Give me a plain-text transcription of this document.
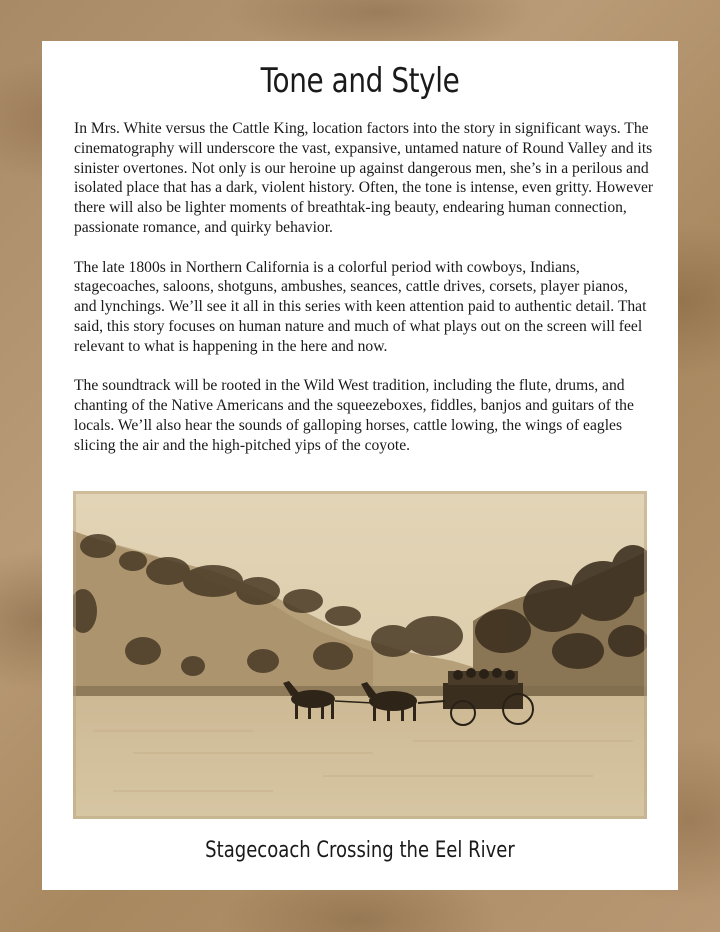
Tone and Style

In Mrs. White versus the Cattle King, location factors into the story in significant ways. The cinematography will underscore the vast, expansive, untamed nature of Round Valley and its sinister overtones. Not only is our heroine up against dangerous men, she’s in a perilous and isolated place that has a dark, violent history. Often, the tone is intense, even gritty. However there will also be lighter moments of breathtak-ing beauty, endearing human connection, passionate romance, and quirky behavior.

The late 1800s in Northern California is a colorful period with cowboys, Indians, stagecoaches, saloons, shotguns, ambushes, seances, cattle drives, corsets, player pianos, and lynchings. We’ll see it all in this series with keen attention paid to authentic detail. That said, this story focuses on human nature and much of what plays out on the screen will feel relevant to what is happening in the here and now.

The soundtrack will be rooted in the Wild West tradition, including the flute, drums, and chanting of the Native Americans and the squeezeboxes, fiddles, banjos and guitars of the locals. We’ll also hear the sounds of galloping horses, cattle lowing, the wings of eagles slicing the air and the high-pitched yips of the coyote.

Stagecoach Crossing the Eel River
